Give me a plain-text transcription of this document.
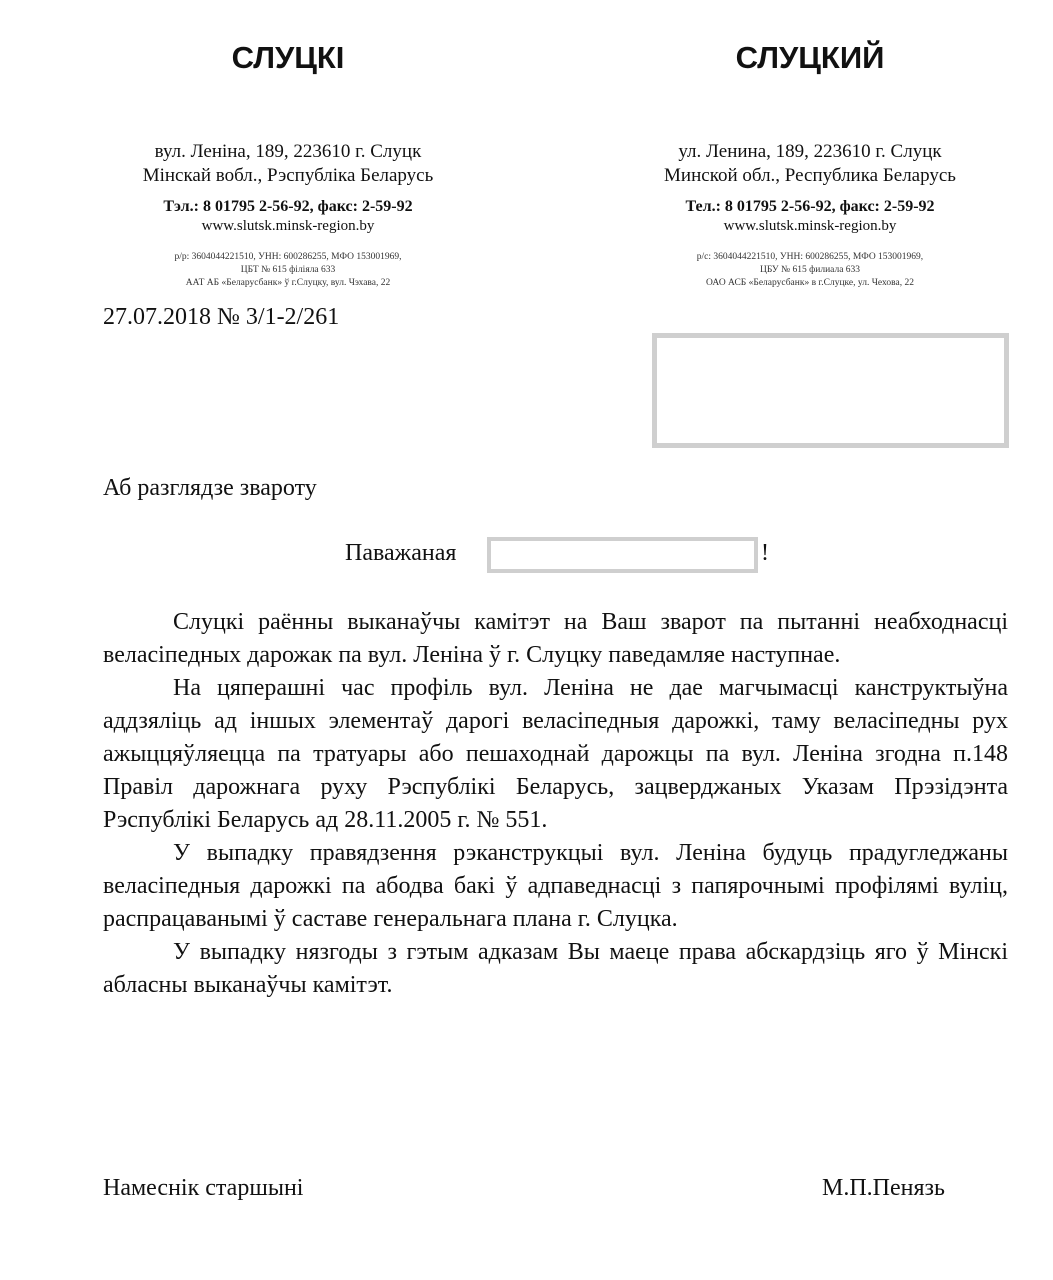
СЛУЦКІ
вул. Леніна, 189, 223610 г. Слуцк
Мінскай вобл., Рэспубліка Беларусь
Тэл.: 8 01795 2-56-92, факс: 2-59-92
www.slutsk.minsk-region.by
р/р: 3604044221510, УНН: 600286255, МФО 153001969,
ЦБТ № 615 філіяла 633
ААТ АБ «Беларусбанк» ў г.Слуцку, вул. Чэхава, 22
СЛУЦКИЙ
ул. Ленина, 189, 223610 г. Слуцк
Минской обл., Республика Беларусь
Тел.: 8 01795 2-56-92, факс: 2-59-92
www.slutsk.minsk-region.by
р/с: 3604044221510, УНН: 600286255, МФО 153001969,
ЦБУ № 615 филиала 633
ОАО АСБ «Беларусбанк» в г.Слуцке, ул. Чехова, 22
27.07.2018 № 3/1-2/261
Аб разглядзе звароту
Паважаная	!

Слуцкі раённы выканаўчы камітэт на Ваш зварот па пытанні неабходнасці веласіпедных дарожак па вул. Леніна ў г. Слуцку паведамляе наступнае.

На цяперашні час профіль вул. Леніна не дае магчымасці канструктыўна аддзяліць ад іншых элементаў дарогі веласіпедныя дарожкі, таму веласіпедны рух ажыццяўляецца па тратуары або пешаходнай дарожцы па вул. Леніна згодна п.148 Правіл дарожнага руху Рэспублікі Беларусь, зацверджаных Указам Прэзідэнта Рэспублікі Беларусь ад 28.11.2005 г. № 551.

У выпадку правядзення рэканструкцыі вул. Леніна будуць прадугледжаны веласіпедныя дарожкі па абодва бакі ў адпаведнасці з папярочнымі профілямі вуліц, распрацаванымі ў саставе генеральнага плана г. Слуцка.

У выпадку нязгоды з гэтым адказам Вы маеце права абскардзіць яго ў Мінскі абласны выканаўчы камітэт.

Намеснік старшыні	М.П.Пенязь
